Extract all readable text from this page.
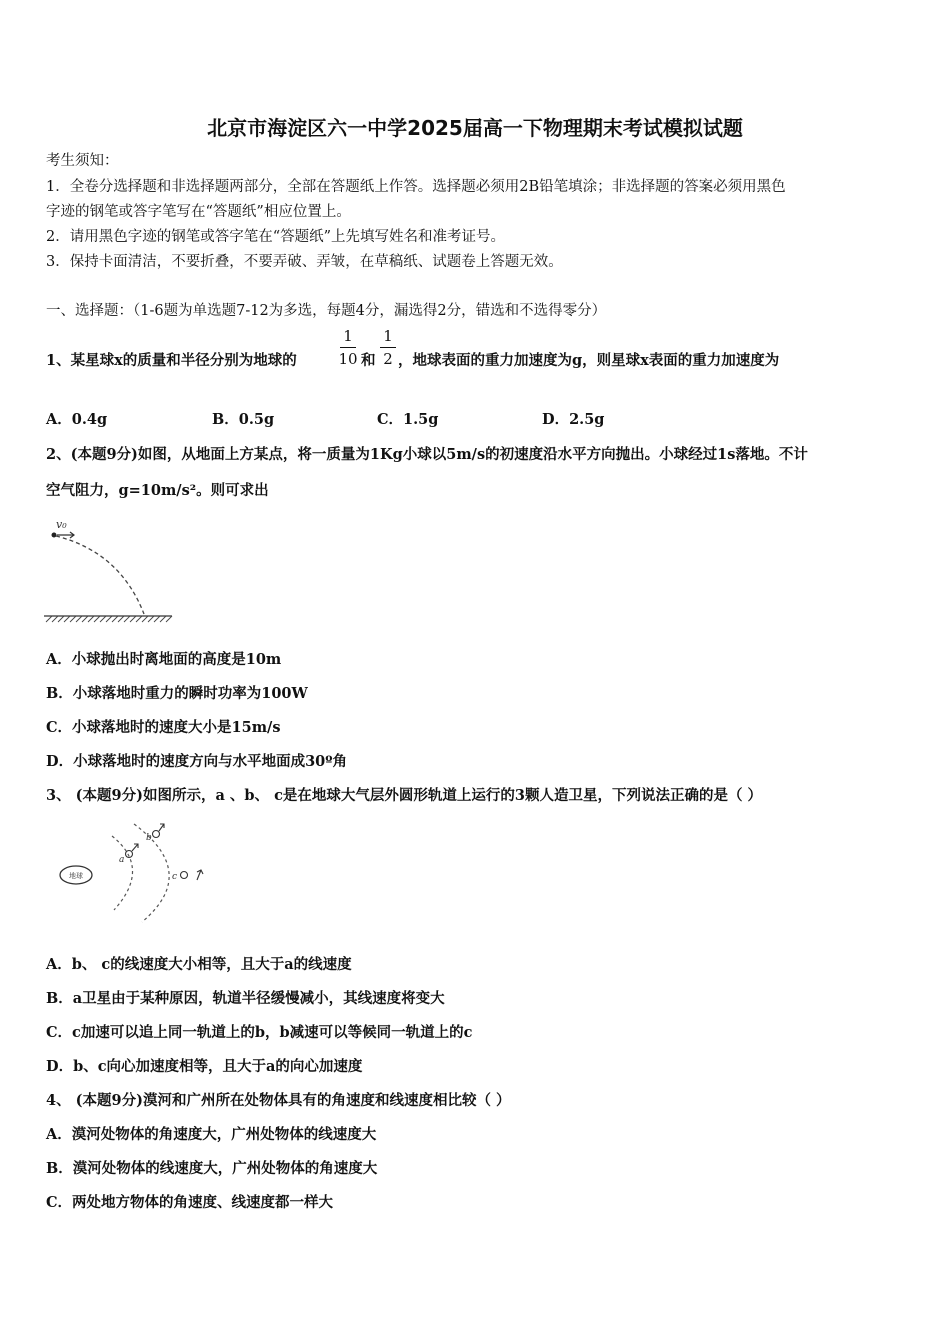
北京市海淀区六一中学2025届高一下物理期末考试模拟试题
考生须知：
1．全卷分选择题和非选择题两部分，全部在答题纸上作答。选择题必须用2B铅笔填涂；非选择题的答案必须用黑色
字迹的钢笔或答字笔写在“答题纸”相应位置上。
2．请用黑色字迹的钢笔或答字笔在“答题纸”上先填写姓名和准考证号。
3．保持卡面清洁，不要折叠，不要弄破、弄皱，在草稿纸、试题卷上答题无效。
一、选择题：（1-6题为单选题7-12为多选，每题4分，漏选得2分，错选和不选得零分）
1、某星球x的质量和半径分别为地球的
1
10 和
1
2 ，地球表面的重力加速度为g，则星球x表面的重力加速度为
A．0.4g	B．0.5g	C．1.5g	D．2.5g
2、(本题9分)如图，从地面上方某点，将一质量为1Kg小球以5m/s的初速度沿水平方向抛出。小球经过1s落地。不计
空气阻力，g=10m/s²。则可求出
v₀
A．小球抛出时离地面的高度是10m
B．小球落地时重力的瞬时功率为100W
C．小球落地时的速度大小是15m/s
D．小球落地时的速度方向与水平地面成30º角
3、 (本题9分)如图所示，a 、b、 c是在地球大气层外圆形轨道上运行的3颗人造卫星，下列说法正确的是（ ）
地球
a
b
c
A．b、 c的线速度大小相等，且大于a的线速度
B．a卫星由于某种原因，轨道半径缓慢减小，其线速度将变大
C．c加速可以追上同一轨道上的b，b减速可以等候同一轨道上的c
D．b、c向心加速度相等，且大于a的向心加速度
4、 (本题9分)漠河和广州所在处物体具有的角速度和线速度相比较（ ）
A．漠河处物体的角速度大，广州处物体的线速度大
B．漠河处物体的线速度大，广州处物体的角速度大
C．两处地方物体的角速度、线速度都一样大
